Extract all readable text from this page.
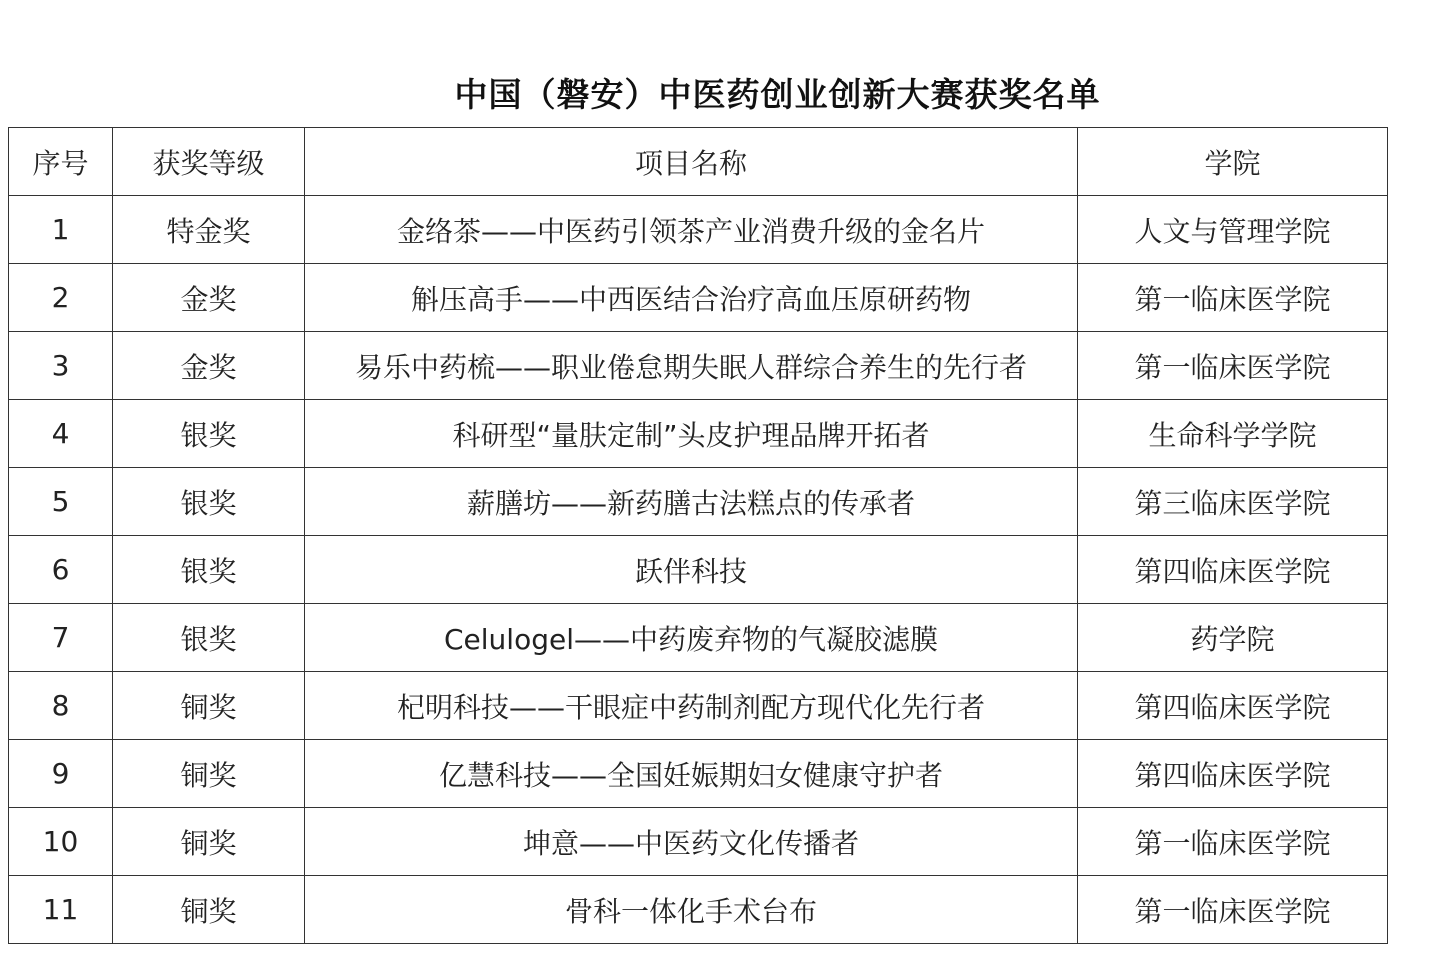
中国（磐安）中医药创业创新大赛获奖名单
序号	获奖等级	项目名称	学院
1	特金奖	金络茶——中医药引领茶产业消费升级的金名片	人文与管理学院
2	金奖	斛压高手——中西医结合治疗高血压原研药物	第一临床医学院
3	金奖	易乐中药梳——职业倦怠期失眠人群综合养生的先行者	第一临床医学院
4	银奖	科研型“量肤定制”头皮护理品牌开拓者	生命科学学院
5	银奖	薪膳坊——新药膳古法糕点的传承者	第三临床医学院
6	银奖	跃伴科技	第四临床医学院
7	银奖	Celulogel——中药废弃物的气凝胶滤膜	药学院
8	铜奖	杞明科技——干眼症中药制剂配方现代化先行者	第四临床医学院
9	铜奖	亿慧科技——全国妊娠期妇女健康守护者	第四临床医学院
10	铜奖	坤意——中医药文化传播者	第一临床医学院
11	铜奖	骨科一体化手术台布	第一临床医学院
